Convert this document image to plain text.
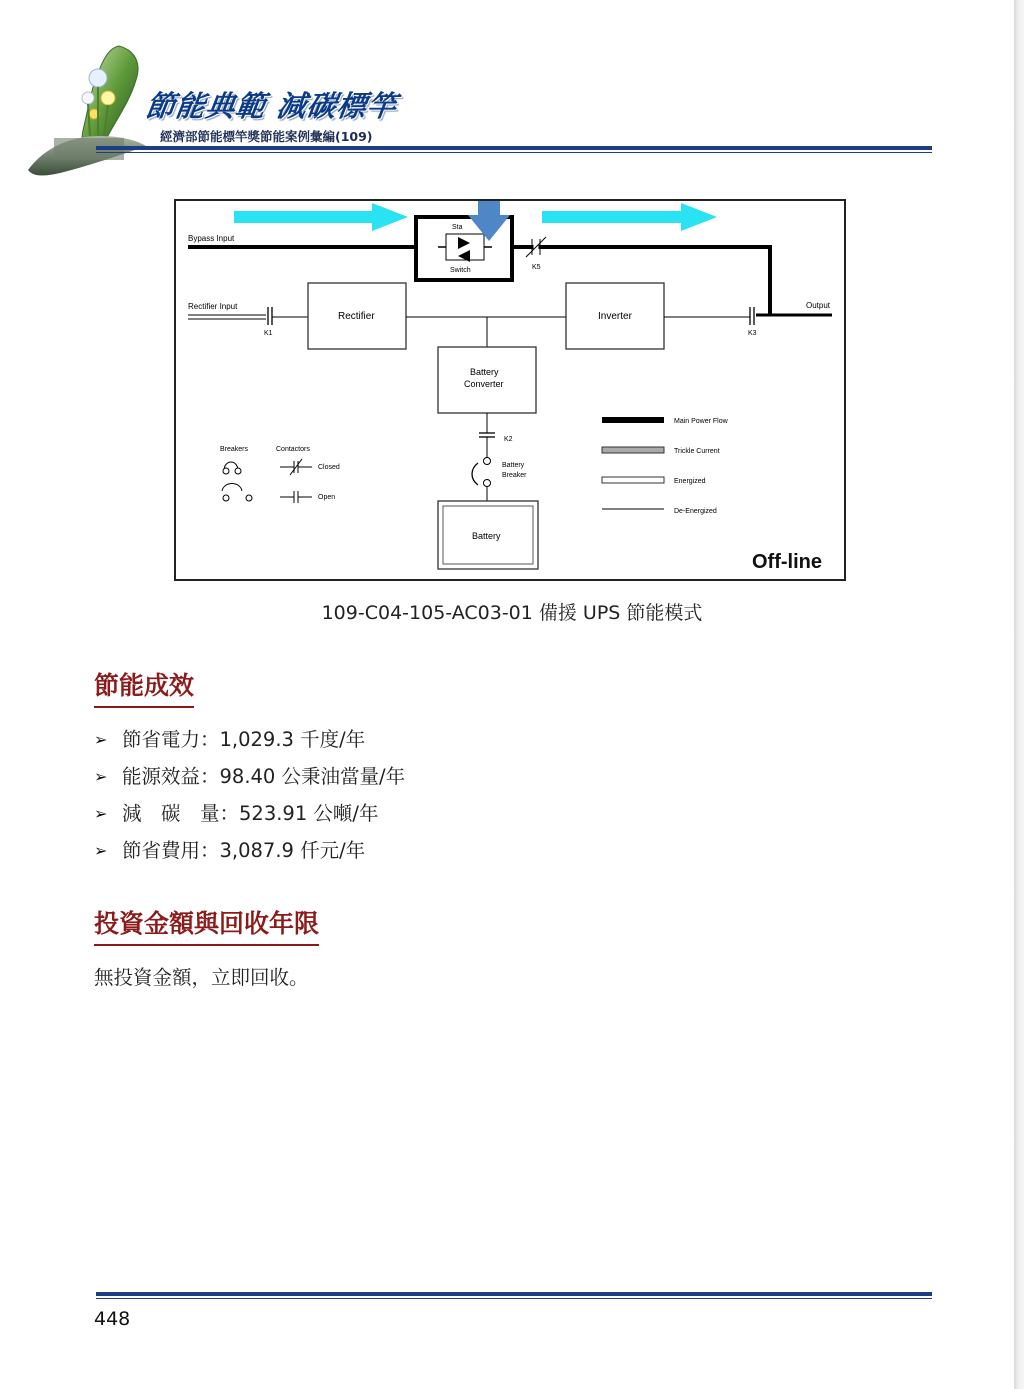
節能典範 減碳標竿

經濟部節能標竿獎節能案例彙編(109)

Bypass Input
Sta
Switch	K5
Output
Rectifier Input
K1
Rectifier	Inverter
K3
Battery
Converter
K2
Battery
Breaker
Battery
Breakers	Contactors
Closed
Open
Main Power Flow
Trickle Current
Energized
De-Energized
Off-line

109-C04-105-AC03-01 備援 UPS 節能模式

節能成效
➢ 節省電力：1,029.3 千度/年
➢ 能源效益：98.40 公秉油當量/年
➢ 減　碳　量：523.91 公噸/年
➢ 節省費用：3,087.9 仟元/年
投資金額與回收年限

無投資金額，立即回收。

448
